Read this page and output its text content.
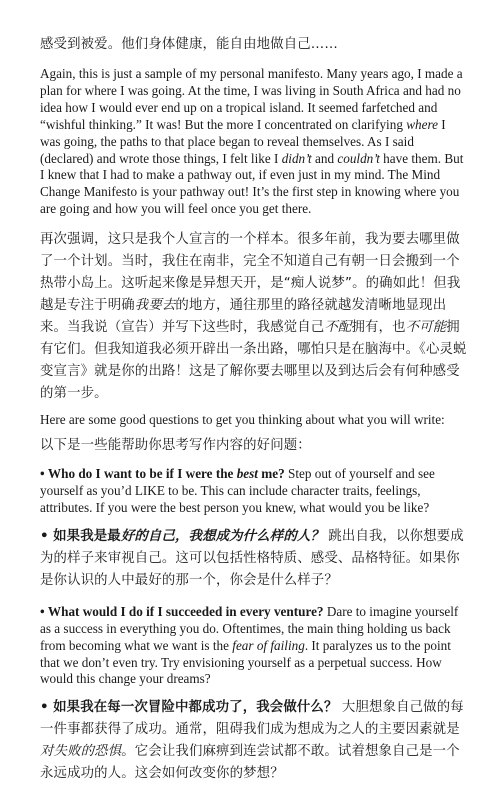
感受到被爱。他们身体健康，能自由地做自己……

Again, this is just a sample of my personal manifesto. Many years ago, I made a plan for where I was going. At the time, I was living in South Africa and had no idea how I would ever end up on a tropical island. It seemed farfetched and “wishful thinking.” It was! But the more I concentrated on clarifying where I was going, the paths to that place began to reveal themselves. As I said (declared) and wrote those things, I felt like I didn’t and couldn’t have them. But I knew that I had to make a pathway out, if even just in my mind. The Mind Change Manifesto is your pathway out! It’s the first step in knowing where you are going and how you will feel once you get there.

再次强调，这只是我个人宣言的一个样本。很多年前，我为要去哪里做了一个计划。当时，我住在南非，完全不知道自己有朝一日会搬到一个热带小岛上。这听起来像是异想天开，是“痴人说梦”。的确如此！但我越是专注于明确我要去的地方，通往那里的路径就越发清晰地显现出来。当我说（宣告）并写下这些时，我感觉自己不配拥有，也不可能拥有它们。但我知道我必须开辟出一条出路，哪怕只是在脑海中。《心灵蜕变宣言》就是你的出路！这是了解你要去哪里以及到达后会有何种感受的第一步。

Here are some good questions to get you thinking about what you will write:

以下是一些能帮助你思考写作内容的好问题：

• Who do I want to be if I were the best me? Step out of yourself and see yourself as you’d LIKE to be. This can include character traits, feelings, attributes. If you were the best person you knew, what would you be like?

• 如果我是最好的自己，我想成为什么样的人？ 跳出自我，以你想要成为的样子来审视自己。这可以包括性格特质、感受、品格特征。如果你是你认识的人中最好的那一个，你会是什么样子？

• What would I do if I succeeded in every venture? Dare to imagine yourself as a success in everything you do. Oftentimes, the main thing holding us back from becoming what we want is the fear of failing. It paralyzes us to the point that we don’t even try. Try envisioning yourself as a perpetual success. How would this change your dreams?

• 如果我在每一次冒险中都成功了，我会做什么？ 大胆想象自己做的每一件事都获得了成功。通常，阻碍我们成为想成为之人的主要因素就是对失败的恐惧。它会让我们麻痹到连尝试都不敢。试着想象自己是一个永远成功的人。这会如何改变你的梦想？
